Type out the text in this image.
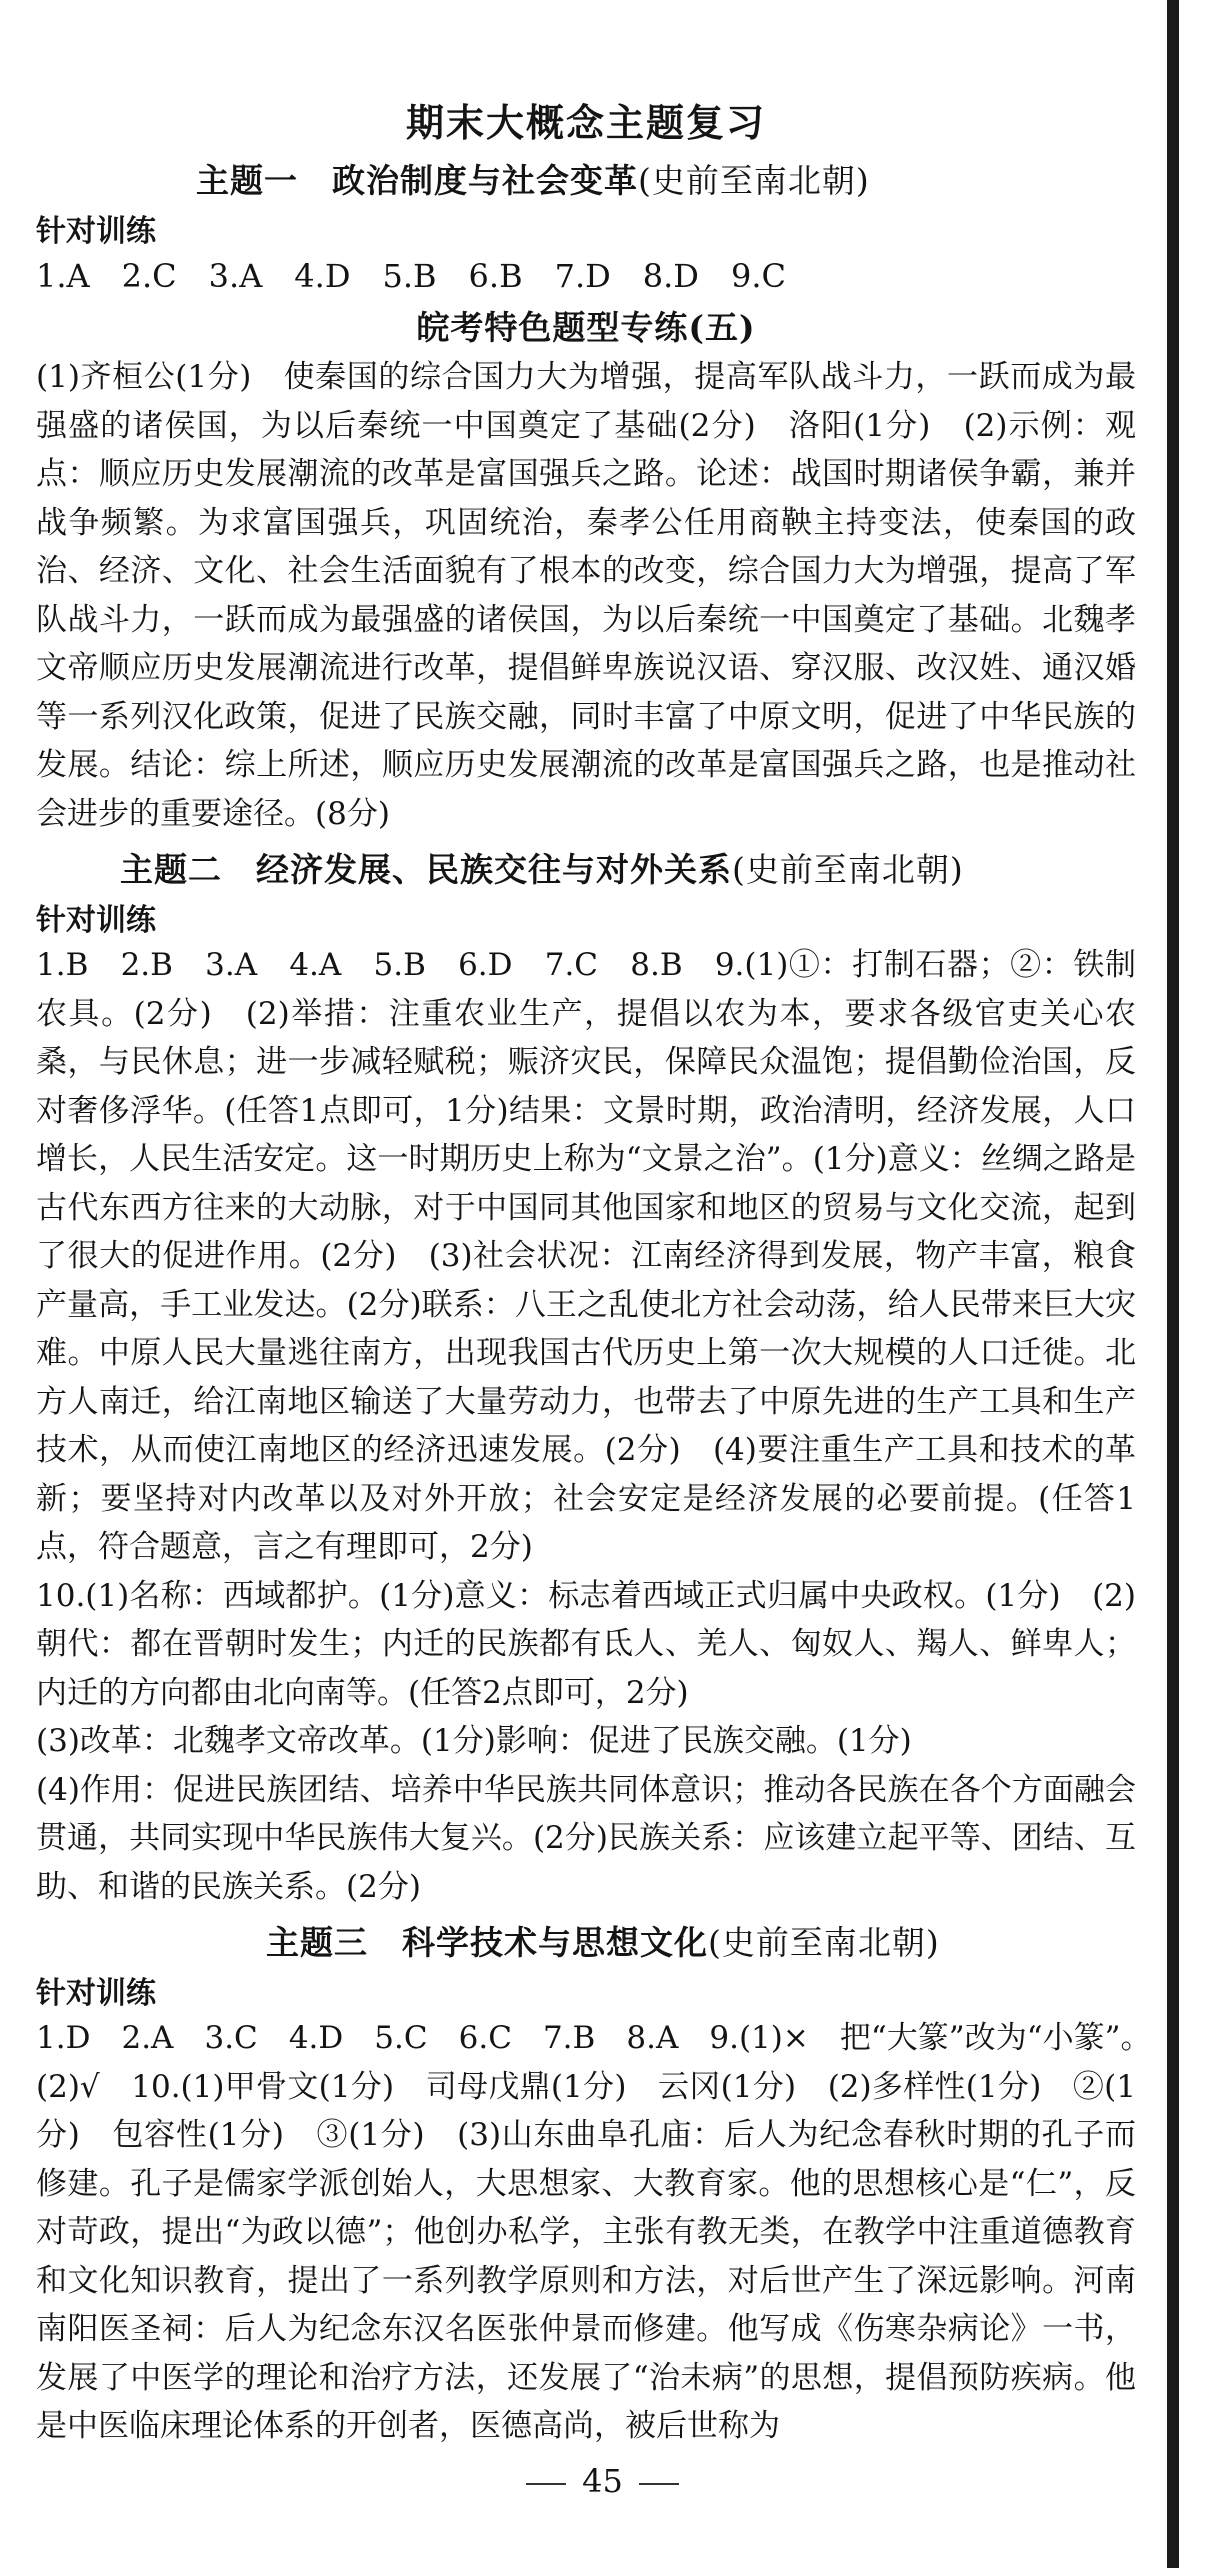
期末大概念主题复习
主题一　政治制度与社会变革(史前至南北朝)
针对训练

1.A　2.C　3.A　4.D　5.B　6.B　7.D　8.D　9.C

皖考特色题型专练(五)

(1)齐桓公(1分)　使秦国的综合国力大为增强，提高军队战斗力，一跃而成为最强盛的诸侯国，为以后秦统一中国奠定了基础(2分)　洛阳(1分)　(2)示例：观点：顺应历史发展潮流的改革是富国强兵之路。论述：战国时期诸侯争霸，兼并战争频繁。为求富国强兵，巩固统治，秦孝公任用商鞅主持变法，使秦国的政治、经济、文化、社会生活面貌有了根本的改变，综合国力大为增强，提高了军队战斗力，一跃而成为最强盛的诸侯国，为以后秦统一中国奠定了基础。北魏孝文帝顺应历史发展潮流进行改革，提倡鲜卑族说汉语、穿汉服、改汉姓、通汉婚等一系列汉化政策，促进了民族交融，同时丰富了中原文明，促进了中华民族的发展。结论：综上所述，顺应历史发展潮流的改革是富国强兵之路，也是推动社会进步的重要途径。(8分)

主题二　经济发展、民族交往与对外关系(史前至南北朝)
针对训练

1.B　2.B　3.A　4.A　5.B　6.D　7.C　8.B　9.(1)①：打制石器；②：铁制农具。(2分)　(2)举措：注重农业生产，提倡以农为本，要求各级官吏关心农桑，与民休息；进一步减轻赋税；赈济灾民，保障民众温饱；提倡勤俭治国，反对奢侈浮华。(任答1点即可，1分)结果：文景时期，政治清明，经济发展，人口增长，人民生活安定。这一时期历史上称为“文景之治”。(1分)意义：丝绸之路是古代东西方往来的大动脉，对于中国同其他国家和地区的贸易与文化交流，起到了很大的促进作用。(2分)　(3)社会状况：江南经济得到发展，物产丰富，粮食产量高，手工业发达。(2分)联系：八王之乱使北方社会动荡，给人民带来巨大灾难。中原人民大量逃往南方，出现我国古代历史上第一次大规模的人口迁徙。北方人南迁，给江南地区输送了大量劳动力，也带去了中原先进的生产工具和生产技术，从而使江南地区的经济迅速发展。(2分)　(4)要注重生产工具和技术的革新；要坚持对内改革以及对外开放；社会安定是经济发展的必要前提。(任答1点，符合题意，言之有理即可，2分)

10.(1)名称：西域都护。(1分)意义：标志着西域正式归属中央政权。(1分)　(2)朝代：都在晋朝时发生；内迁的民族都有氐人、羌人、匈奴人、羯人、鲜卑人；内迁的方向都由北向南等。(任答2点即可，2分)

(3)改革：北魏孝文帝改革。(1分)影响：促进了民族交融。(1分)

(4)作用：促进民族团结、培养中华民族共同体意识；推动各民族在各个方面融会贯通，共同实现中华民族伟大复兴。(2分)民族关系：应该建立起平等、团结、互助、和谐的民族关系。(2分)

主题三　科学技术与思想文化(史前至南北朝)
针对训练

1.D　2.A　3.C　4.D　5.C　6.C　7.B　8.A　9.(1)×　把“大篆”改为“小篆”。　(2)√　10.(1)甲骨文(1分)　司母戊鼎(1分)　云冈(1分)　(2)多样性(1分)　②(1分)　包容性(1分)　③(1分)　(3)山东曲阜孔庙：后人为纪念春秋时期的孔子而修建。孔子是儒家学派创始人，大思想家、大教育家。他的思想核心是“仁”，反对苛政，提出“为政以德”；他创办私学，主张有教无类，在教学中注重道德教育和文化知识教育，提出了一系列教学原则和方法，对后世产生了深远影响。河南南阳医圣祠：后人为纪念东汉名医张仲景而修建。他写成《伤寒杂病论》一书，发展了中医学的理论和治疗方法，还发展了“治未病”的思想，提倡预防疾病。他是中医临床理论体系的开创者，医德高尚，被后世称为

45
